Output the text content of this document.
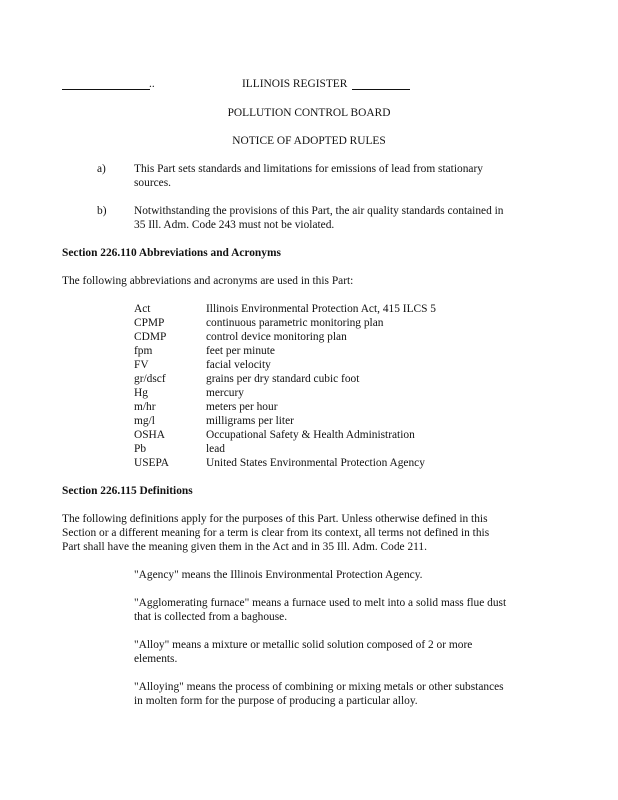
..	ILLINOIS REGISTER
POLLUTION CONTROL BOARD
NOTICE OF ADOPTED RULES
a) This Part sets standards and limitations for emissions of lead from stationary
sources.
b) Notwithstanding the provisions of this Part, the air quality standards contained in
35 Ill. Adm. Code 243 must not be violated.
Section 226.110 Abbreviations and Acronyms
The following abbreviations and acronyms are used in this Part:
Act	Illinois Environmental Protection Act, 415 ILCS 5
CPMP	continuous parametric monitoring plan
CDMP	control device monitoring plan
fpm	feet per minute
FV	facial velocity
gr/dscf	grains per dry standard cubic foot
Hg	mercury
m/hr	meters per hour
mg/l	milligrams per liter
OSHA	Occupational Safety & Health Administration
Pb	lead
USEPA	United States Environmental Protection Agency
Section 226.115 Definitions
The following definitions apply for the purposes of this Part. Unless otherwise defined in this
Section or a different meaning for a term is clear from its context, all terms not defined in this
Part shall have the meaning given them in the Act and in 35 Ill. Adm. Code 211.
"Agency" means the Illinois Environmental Protection Agency.
"Agglomerating furnace" means a furnace used to melt into a solid mass flue dust
that is collected from a baghouse.
"Alloy" means a mixture or metallic solid solution composed of 2 or more
elements.
"Alloying" means the process of combining or mixing metals or other substances
in molten form for the purpose of producing a particular alloy.
